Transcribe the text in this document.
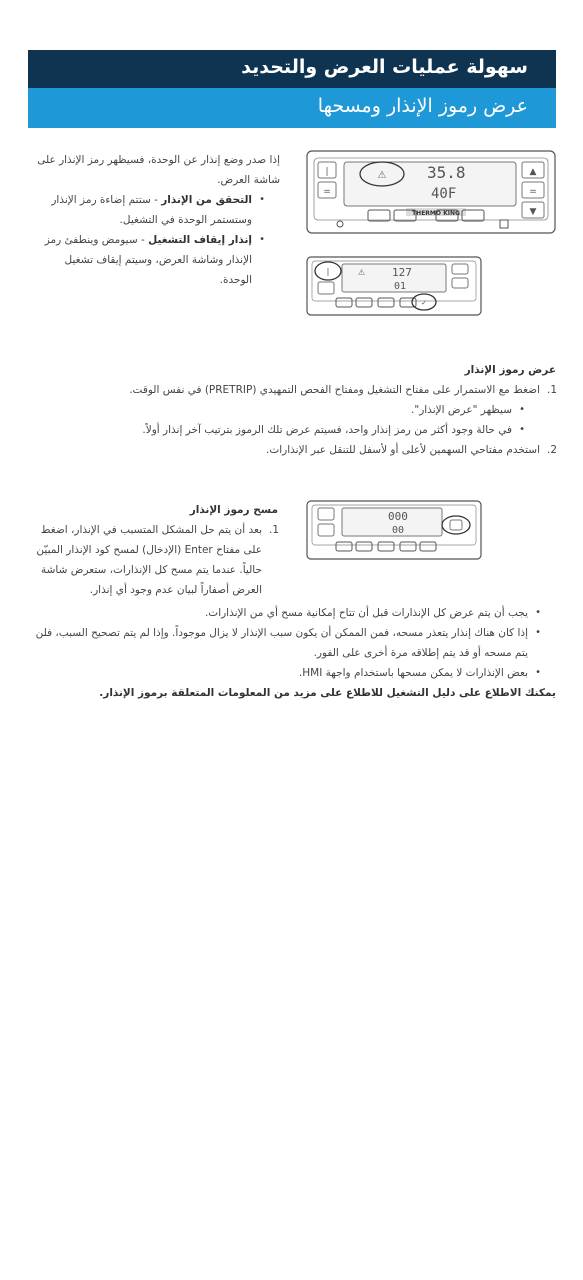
سهولة عمليات العرض والتحديد
عرض رموز الإنذار ومسحها
إذا صدر وضع إنذار عن الوحدة، فسيظهر رمز الإنذار على شاشة العرض.
• التحقق من الإنذار - ستتم إضاءة رمز الإنذار وستستمر الوحدة في التشغيل.
• إنذار إيقاف التشغيل - سيومض وينطفئ رمز الإنذار وشاشة العرض، وسيتم إيقاف تشغيل الوحدة.
|
=
▲
=
▼
⚠	35.8
40F
THERMO KING
|	⚠ 127
01
✓
عرض رموز الإنذار
1.
اضغط مع الاستمرار على مفتاح التشغيل ومفتاح الفحص التمهيدي (PRETRIP) في نفس الوقت.
• سيظهر "عرض الإنذار".
• في حالة وجود أكثر من رمز إنذار واحد، فسيتم عرض تلك الرموز بترتيب آخر إنذار أولاً.
2.
استخدم مفتاحي السهمين لأعلى أو لأسفل للتنقل عبر الإنذارات.
مسح رموز الإنذار
1.
بعد أن يتم حل المشكل المتسبب في الإنذار، اضغط على مفتاح Enter (الإدخال) لمسح كود الإنذار المبيّن حالياً. عندما يتم مسح كل الإنذارات، ستعرض شاشة العرض أصفاراً لبيان عدم وجود أي إنذار.
000
00
• يجب أن يتم عرض كل الإنذارات قبل أن تتاح إمكانية مسح أي من الإنذارات.
• إذا كان هناك إنذار يتعذر مسحه، فمن الممكن أن يكون سبب الإنذار لا يزال موجوداً. وإذا لم يتم تصحيح السبب، فلن يتم مسحه أو قد يتم إطلاقه مرة أخرى على الفور.
• بعض الإنذارات لا يمكن مسحها باستخدام واجهة HMI.
يمكنك الاطلاع على دليل التشغيل للاطلاع على مزيد من المعلومات المتعلقة برموز الإنذار.
